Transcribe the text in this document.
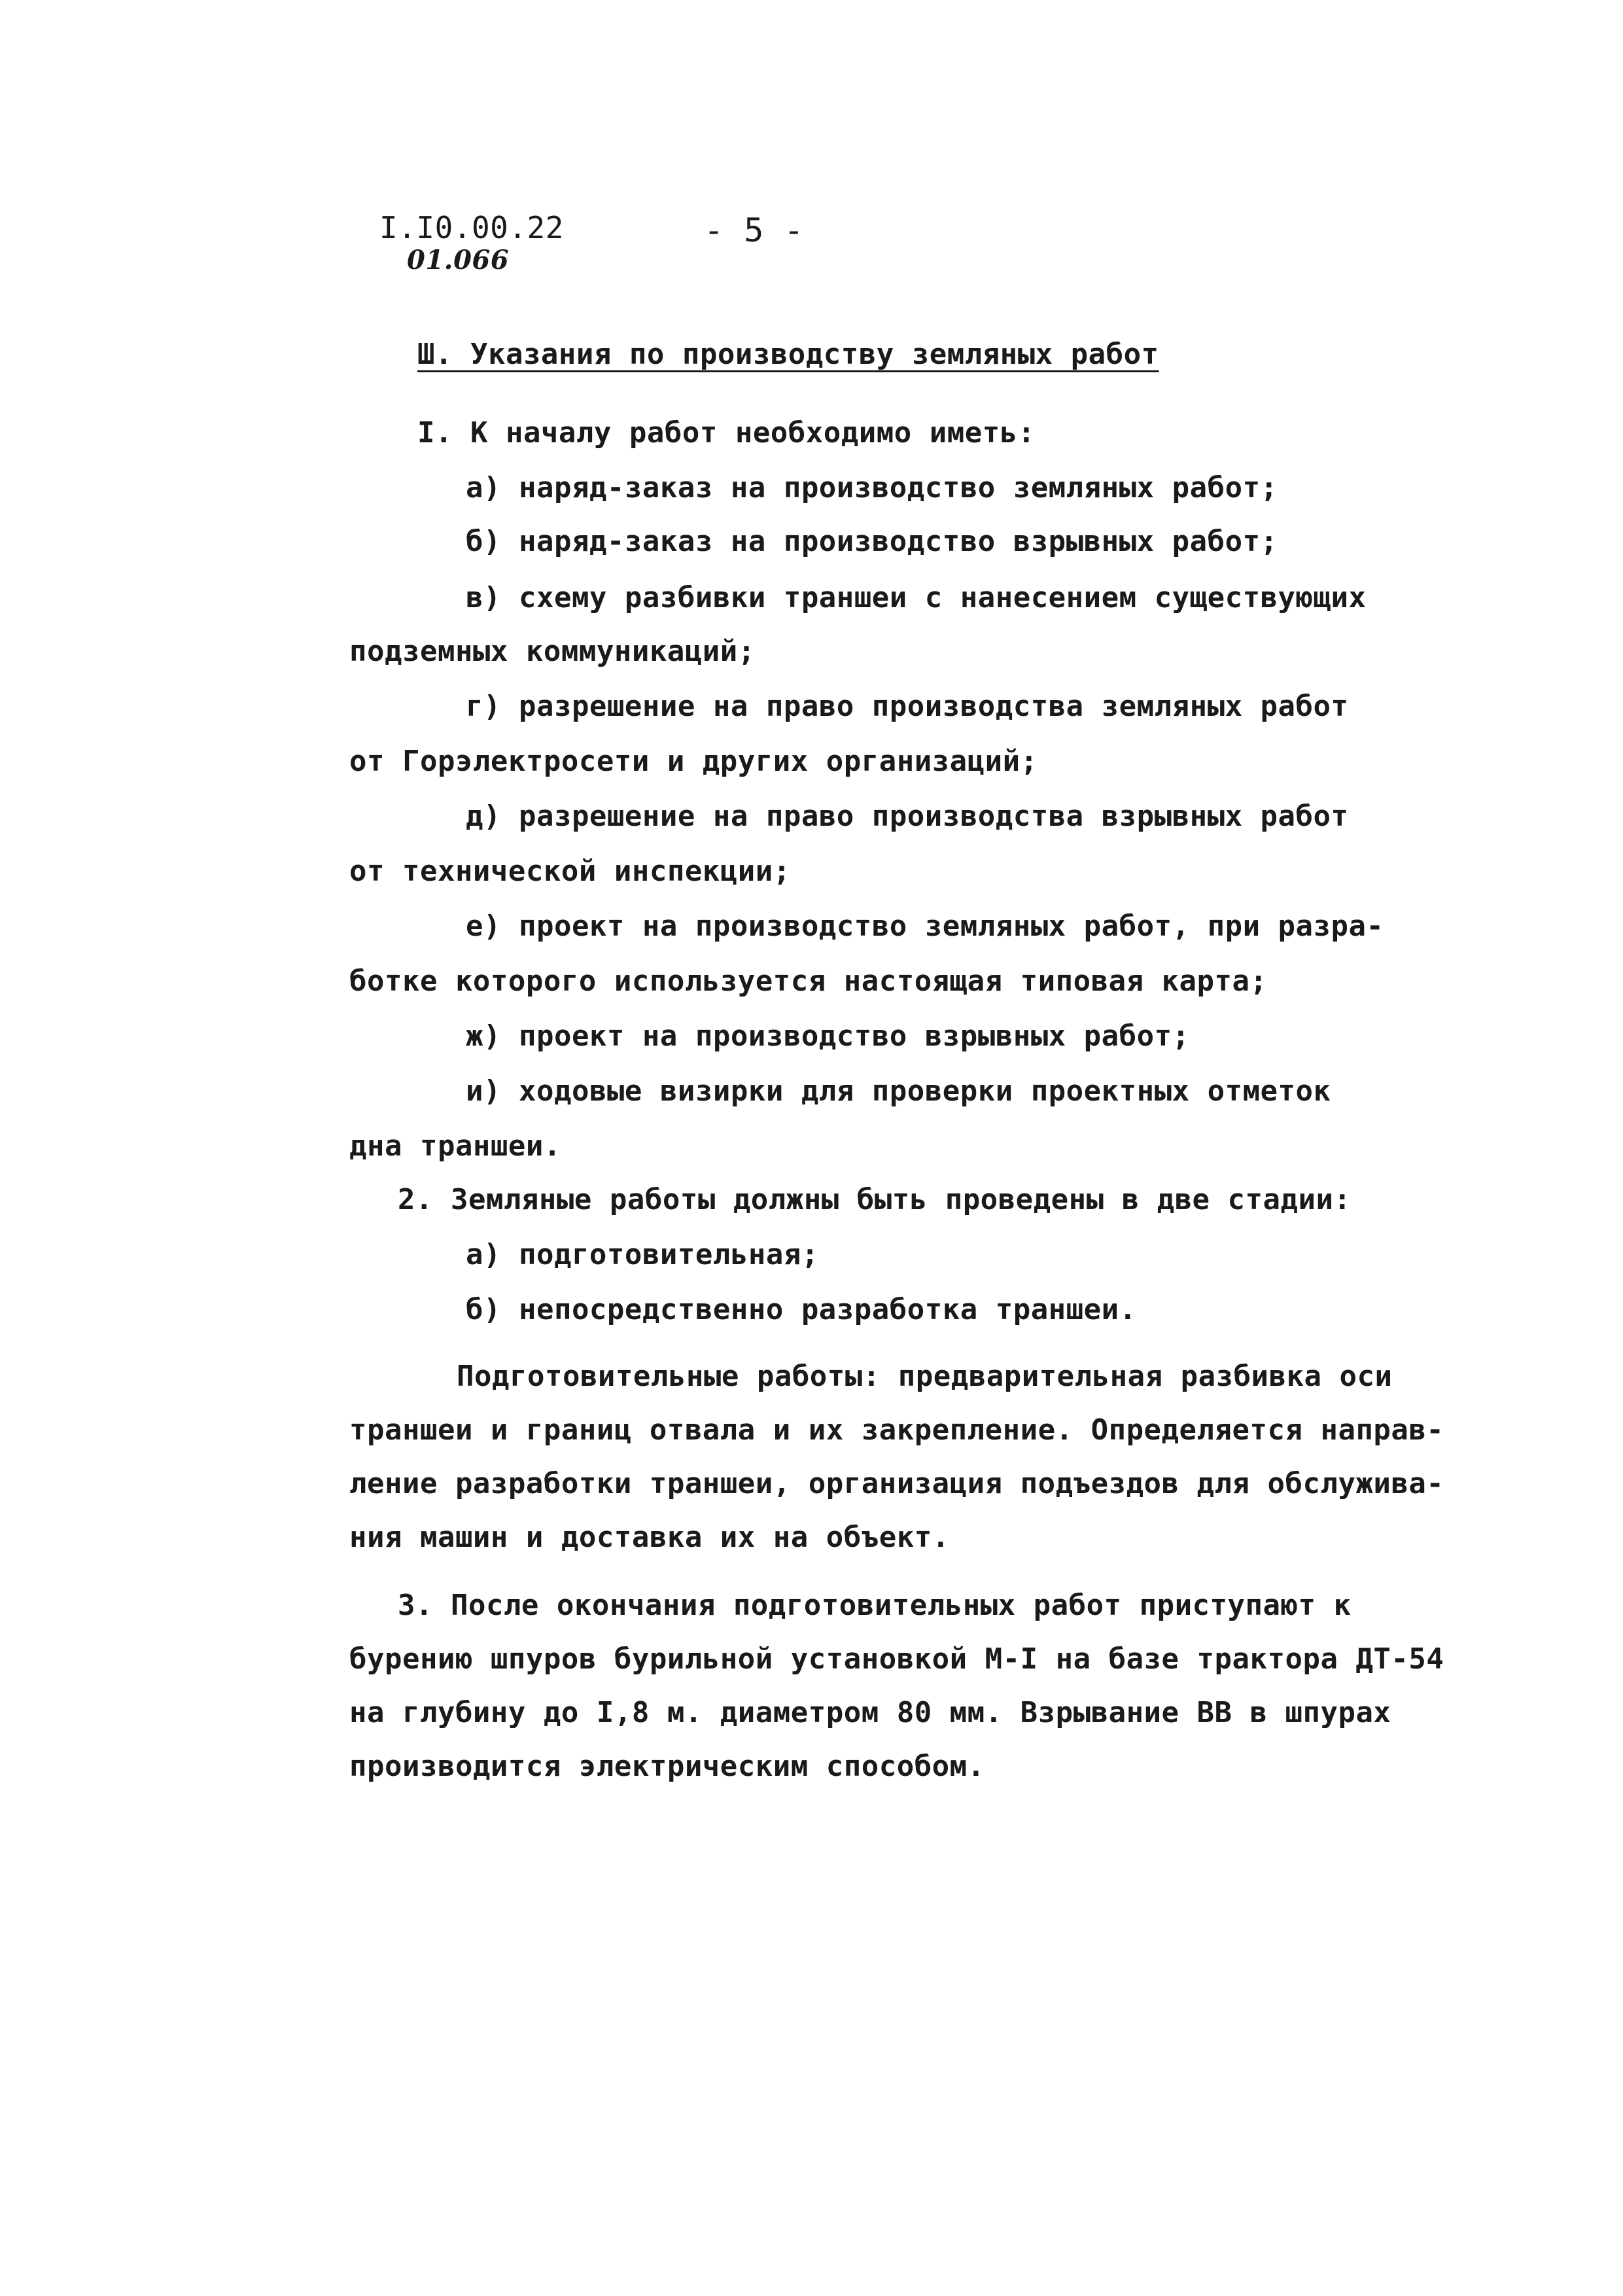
I.I0.00.22
01.066
- 5 -
Ш. Указания по производству земляных работ
I. К началу работ необходимо иметь:
а) наряд-заказ на производство земляных работ;
б) наряд-заказ на производство взрывных работ;
в) схему разбивки траншеи с нанесением существующих
подземных коммуникаций;
г) разрешение на право производства земляных работ
от Горэлектросети и других организаций;
д) разрешение на право производства взрывных работ
от технической инспекции;
е) проект на производство земляных работ, при разра-
ботке которого используется настоящая типовая карта;
ж) проект на производство взрывных работ;
и) ходовые визирки для проверки проектных отметок
дна траншеи.
2. Земляные работы должны быть проведены в две стадии:
а) подготовительная;
б) непосредственно разработка траншеи.
Подготовительные работы: предварительная разбивка оси
траншеи и границ отвала и их закрепление. Определяется направ-
ление разработки траншеи, организация подъездов для обслужива-
ния машин и доставка их на объект.
3. После окончания подготовительных работ приступают к
бурению шпуров бурильной установкой М-I на базе трактора ДТ-54
на глубину до I,8 м. диаметром 80 мм. Взрывание ВВ в шпурах
производится электрическим способом.
